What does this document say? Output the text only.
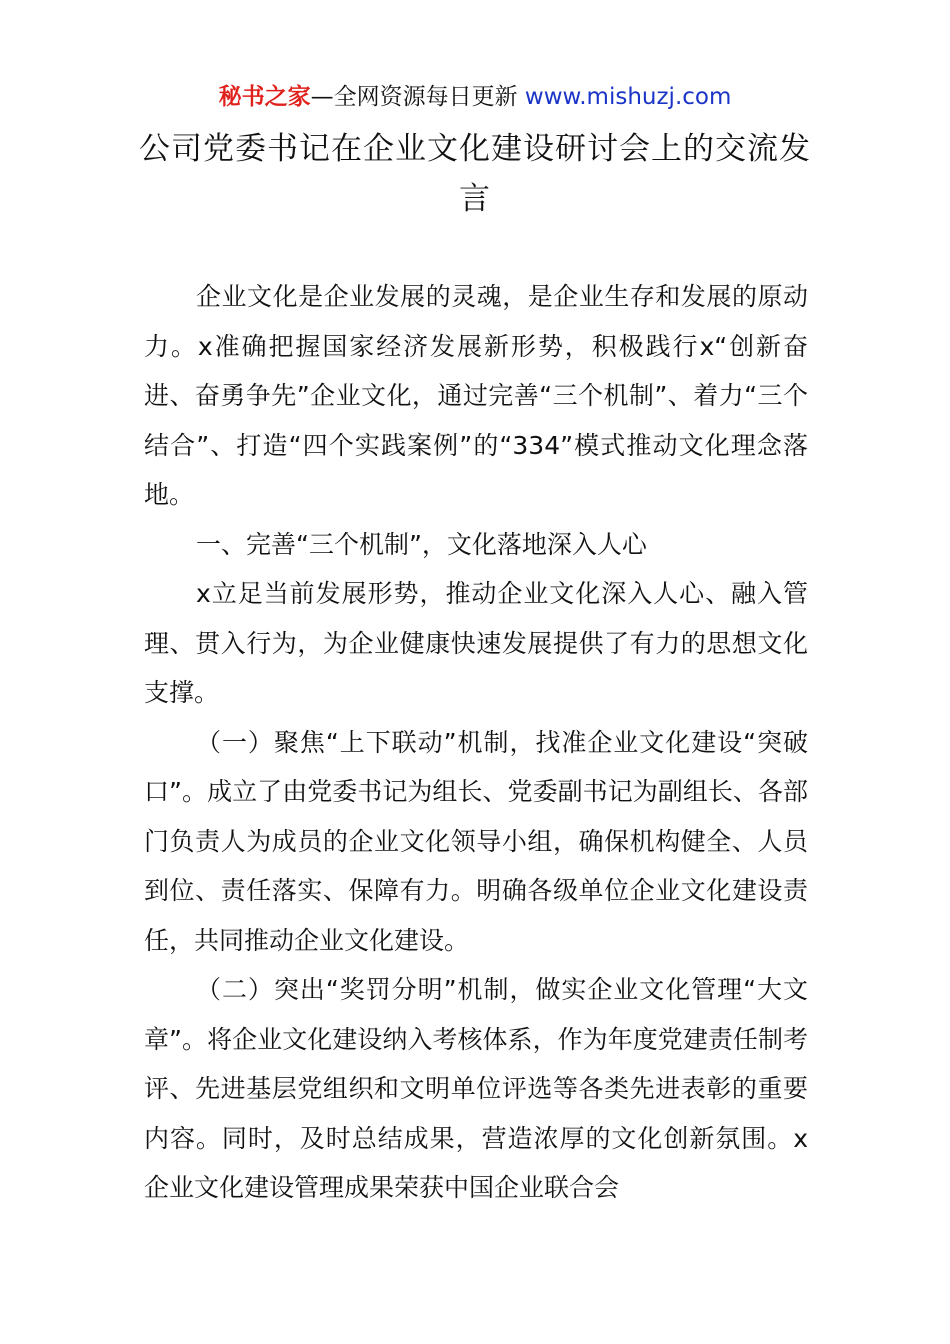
秘书之家—全网资源每日更新 www.mishuzj.com
公司党委书记在企业文化建设研讨会上的交流发言

企业文化是企业发展的灵魂，是企业生存和发展的原动力。x准确把握国家经济发展新形势，积极践行x“创新奋进、奋勇争先”企业文化，通过完善“三个机制”、着力“三个结合”、打造“四个实践案例”的“334”模式推动文化理念落地。

一、完善“三个机制”，文化落地深入人心

x立足当前发展形势，推动企业文化深入人心、融入管理、贯入行为，为企业健康快速发展提供了有力的思想文化支撑。

（一）聚焦“上下联动”机制，找准企业文化建设“突破口”。成立了由党委书记为组长、党委副书记为副组长、各部门负责人为成员的企业文化领导小组，确保机构健全、人员到位、责任落实、保障有力。明确各级单位企业文化建设责任，共同推动企业文化建设。

（二）突出“奖罚分明”机制，做实企业文化管理“大文章”。将企业文化建设纳入考核体系，作为年度党建责任制考评、先进基层党组织和文明单位评选等各类先进表彰的重要内容。同时，及时总结成果，营造浓厚的文化创新氛围。x企业文化建设管理成果荣获中国企业联合会
